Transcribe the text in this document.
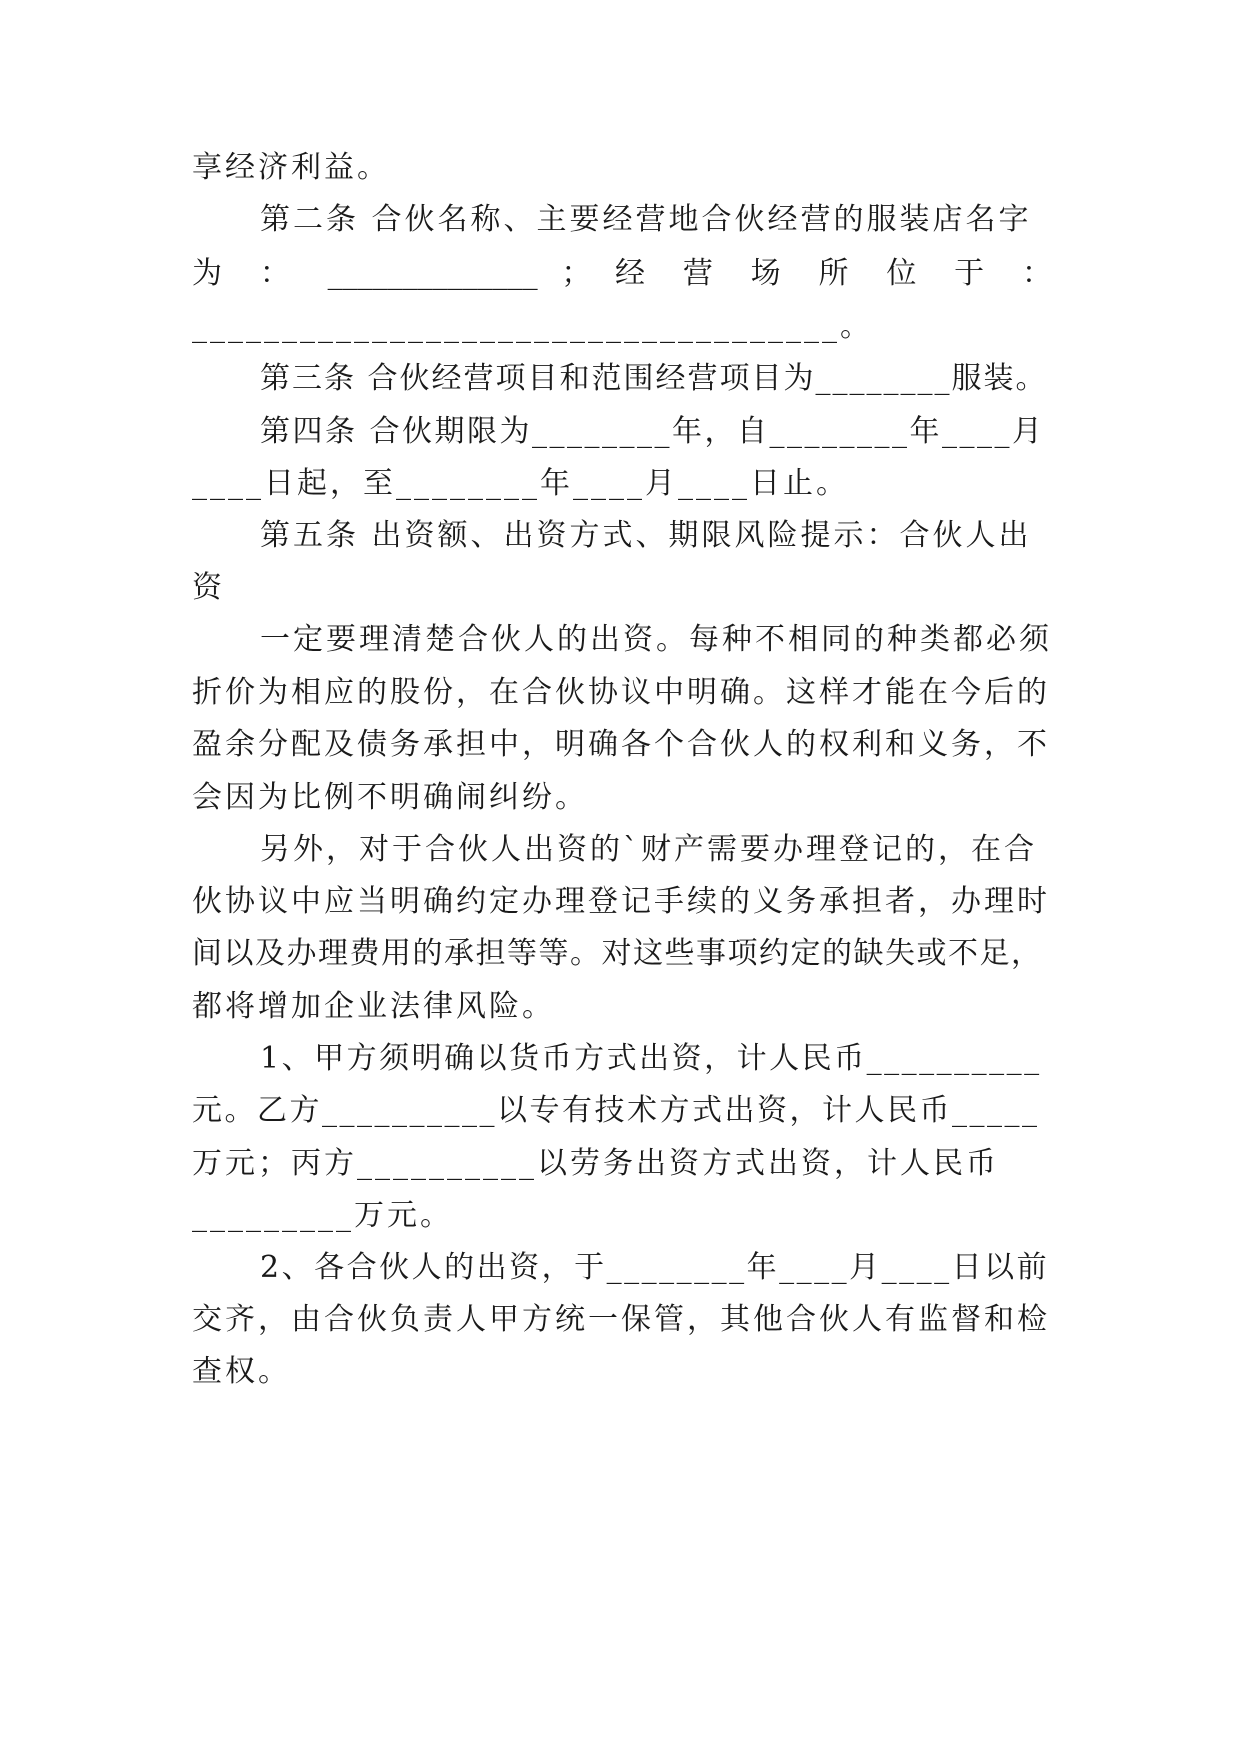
享经济利益。
第二条 合伙名称、主要经营地合伙经营的服装店名字
为 ： ______________ ； 经 营 场 所 位 于 ：
____________________________________。
第三条 合伙经营项目和范围经营项目为________服装。
第四条 合伙期限为________年，自________年____月
____日起，至________年____月____日止。
第五条 出资额、出资方式、期限风险提示：合伙人出
资
一定要理清楚合伙人的出资。每种不相同的种类都必须
折价为相应的股份，在合伙协议中明确。这样才能在今后的
盈余分配及债务承担中，明确各个合伙人的权利和义务，不
会因为比例不明确闹纠纷。
另外，对于合伙人出资的`财产需要办理登记的，在合
伙协议中应当明确约定办理登记手续的义务承担者，办理时
间以及办理费用的承担等等。对这些事项约定的缺失或不足，
都将增加企业法律风险。
1、甲方须明确以货币方式出资，计人民币__________
元。乙方__________以专有技术方式出资，计人民币_____
万元；丙方__________以劳务出资方式出资，计人民币
_________万元。
2、各合伙人的出资，于________年____月____日以前
交齐，由合伙负责人甲方统一保管，其他合伙人有监督和检
查权。
